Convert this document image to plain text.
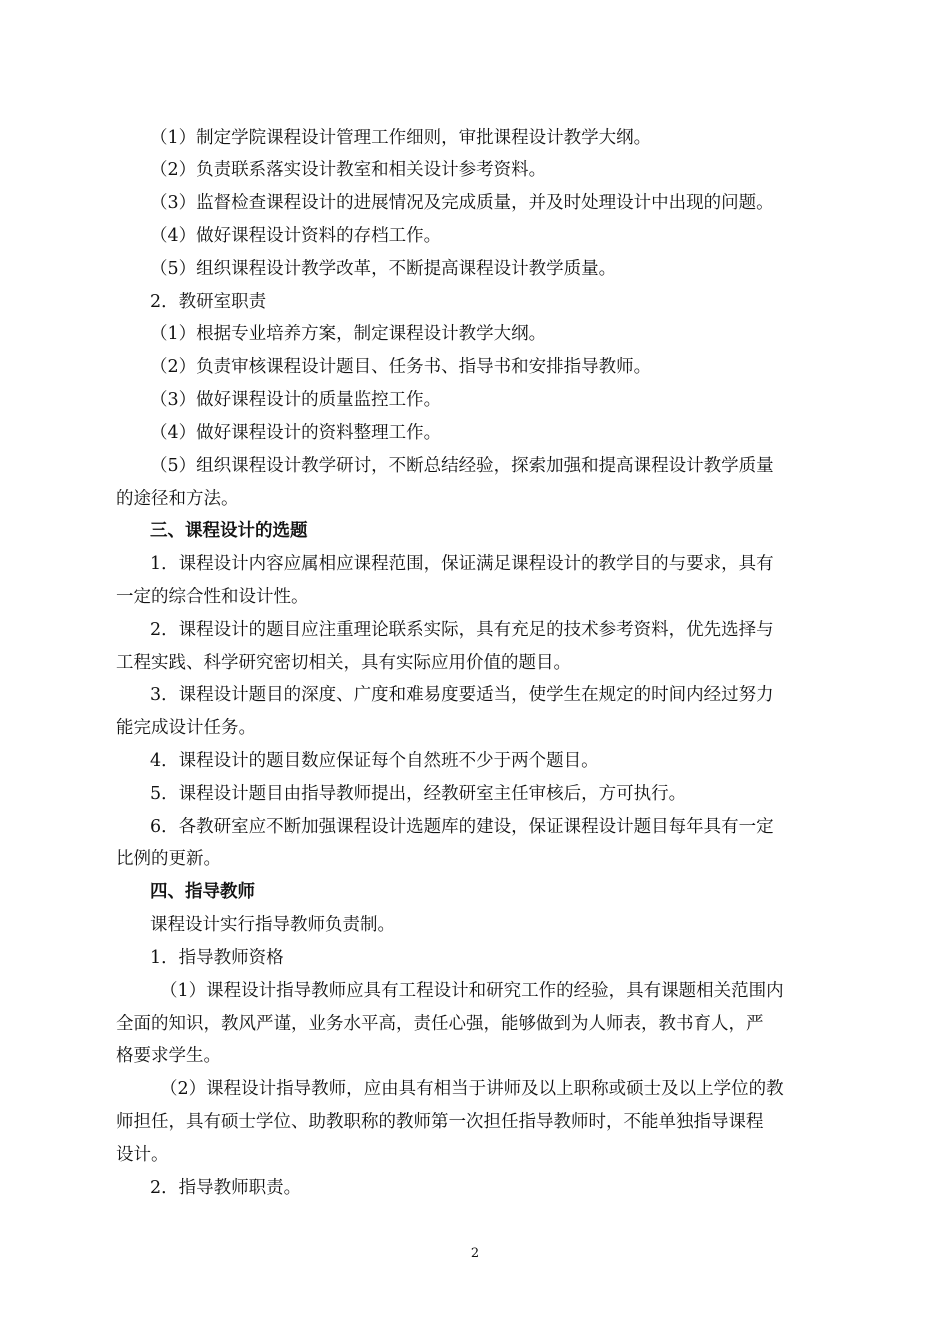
（1）制定学院课程设计管理工作细则，审批课程设计教学大纲。
（2）负责联系落实设计教室和相关设计参考资料。
（3）监督检查课程设计的进展情况及完成质量，并及时处理设计中出现的问题。
（4）做好课程设计资料的存档工作。
（5）组织课程设计教学改革，不断提高课程设计教学质量。
2．教研室职责
（1）根据专业培养方案，制定课程设计教学大纲。
（2）负责审核课程设计题目、任务书、指导书和安排指导教师。
（3）做好课程设计的质量监控工作。
（4）做好课程设计的资料整理工作。
（5）组织课程设计教学研讨，不断总结经验，探索加强和提高课程设计教学质量
的途径和方法。
三、课程设计的选题
1．课程设计内容应属相应课程范围，保证满足课程设计的教学目的与要求，具有
一定的综合性和设计性。
2．课程设计的题目应注重理论联系实际，具有充足的技术参考资料，优先选择与
工程实践、科学研究密切相关，具有实际应用价值的题目。
3．课程设计题目的深度、广度和难易度要适当，使学生在规定的时间内经过努力
能完成设计任务。
4．课程设计的题目数应保证每个自然班不少于两个题目。
5．课程设计题目由指导教师提出，经教研室主任审核后，方可执行。
6．各教研室应不断加强课程设计选题库的建设，保证课程设计题目每年具有一定
比例的更新。
四、指导教师
课程设计实行指导教师负责制。
1．指导教师资格
（1）课程设计指导教师应具有工程设计和研究工作的经验，具有课题相关范围内
全面的知识，教风严谨，业务水平高，责任心强，能够做到为人师表，教书育人，严
格要求学生。
（2）课程设计指导教师，应由具有相当于讲师及以上职称或硕士及以上学位的教
师担任，具有硕士学位、助教职称的教师第一次担任指导教师时，不能单独指导课程
设计。
2．指导教师职责。
2
